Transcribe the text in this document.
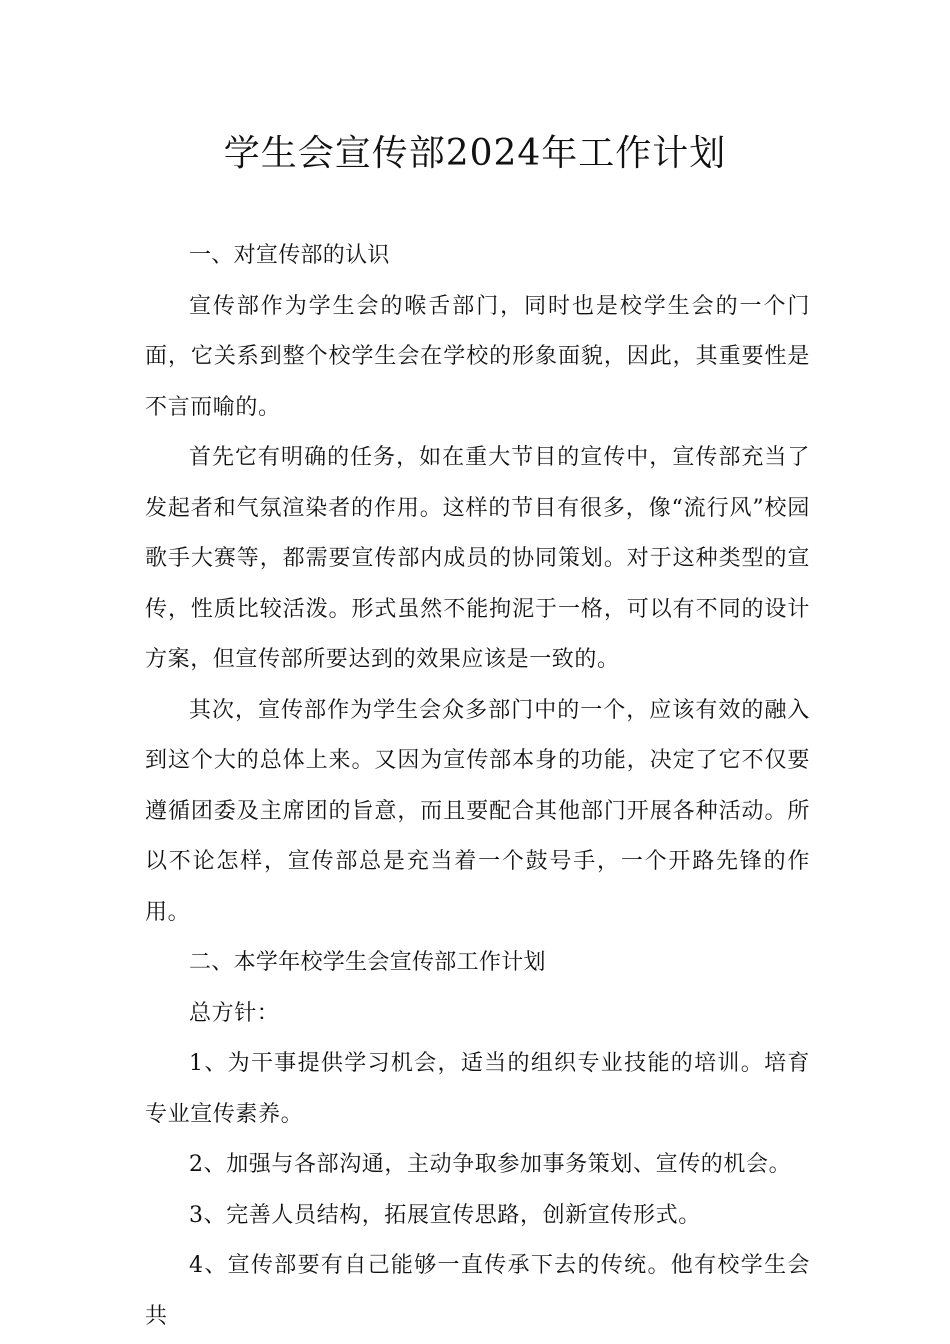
学生会宣传部2024年工作计划

一、对宣传部的认识

宣传部作为学生会的喉舌部门，同时也是校学生会的一个门面，它关系到整个校学生会在学校的形象面貌，因此，其重要性是不言而喻的。

首先它有明确的任务，如在重大节目的宣传中，宣传部充当了发起者和气氛渲染者的作用。这样的节目有很多，像“流行风”校园歌手大赛等，都需要宣传部内成员的协同策划。对于这种类型的宣传，性质比较活泼。形式虽然不能拘泥于一格，可以有不同的设计方案，但宣传部所要达到的效果应该是一致的。

其次，宣传部作为学生会众多部门中的一个，应该有效的融入到这个大的总体上来。又因为宣传部本身的功能，决定了它不仅要遵循团委及主席团的旨意，而且要配合其他部门开展各种活动。所以不论怎样，宣传部总是充当着一个鼓号手，一个开路先锋的作用。

二、本学年校学生会宣传部工作计划

总方针：

1、为干事提供学习机会，适当的组织专业技能的培训。培育专业宣传素养。

2、加强与各部沟通，主动争取参加事务策划、宣传的机会。

3、完善人员结构，拓展宣传思路，创新宣传形式。

4、宣传部要有自己能够一直传承下去的传统。他有校学生会共
